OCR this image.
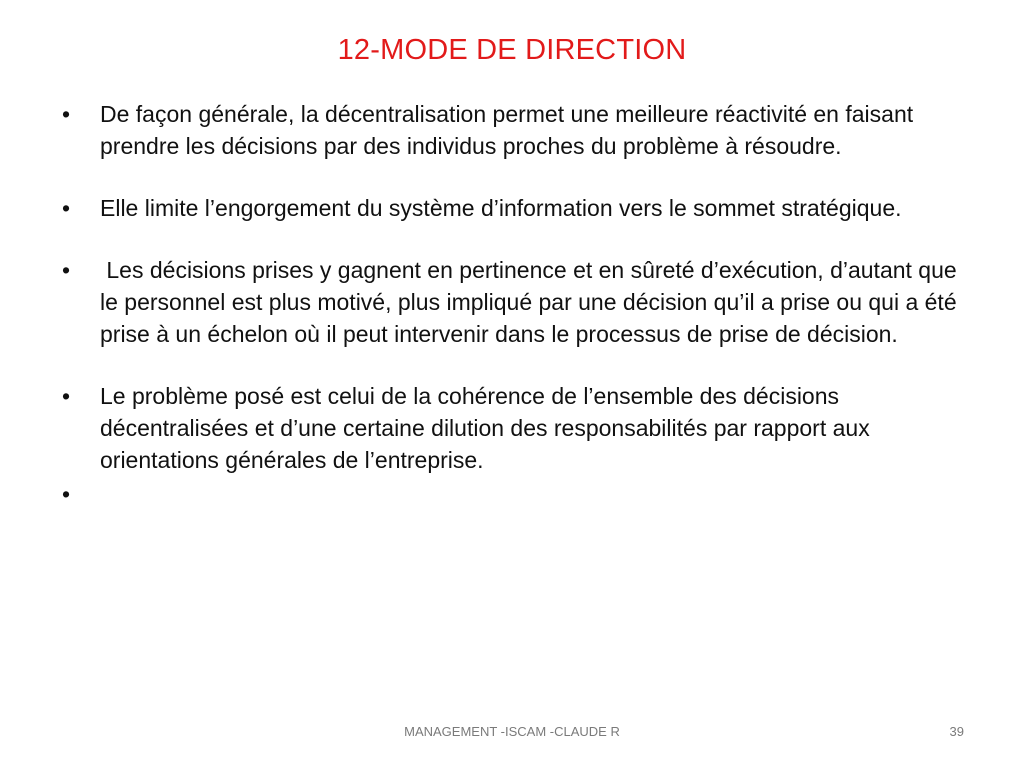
12-MODE DE DIRECTION
• De façon générale, la décentralisation permet une meilleure réactivité en faisant prendre les décisions par des individus proches du problème à résoudre.
• Elle limite l’engorgement du système d’information vers le sommet stratégique.
• Les décisions prises y gagnent en pertinence et en sûreté d’exécution, d’autant que le personnel est plus motivé, plus impliqué par une décision qu’il a prise ou qui a été prise à un échelon où il peut intervenir dans le processus de prise de décision.
• Le problème posé est celui de la cohérence de l’ensemble des décisions décentralisées et d’une certaine dilution des responsabilités par rapport aux orientations générales de l’entreprise.
•
MANAGEMENT -ISCAM -CLAUDE R	39
